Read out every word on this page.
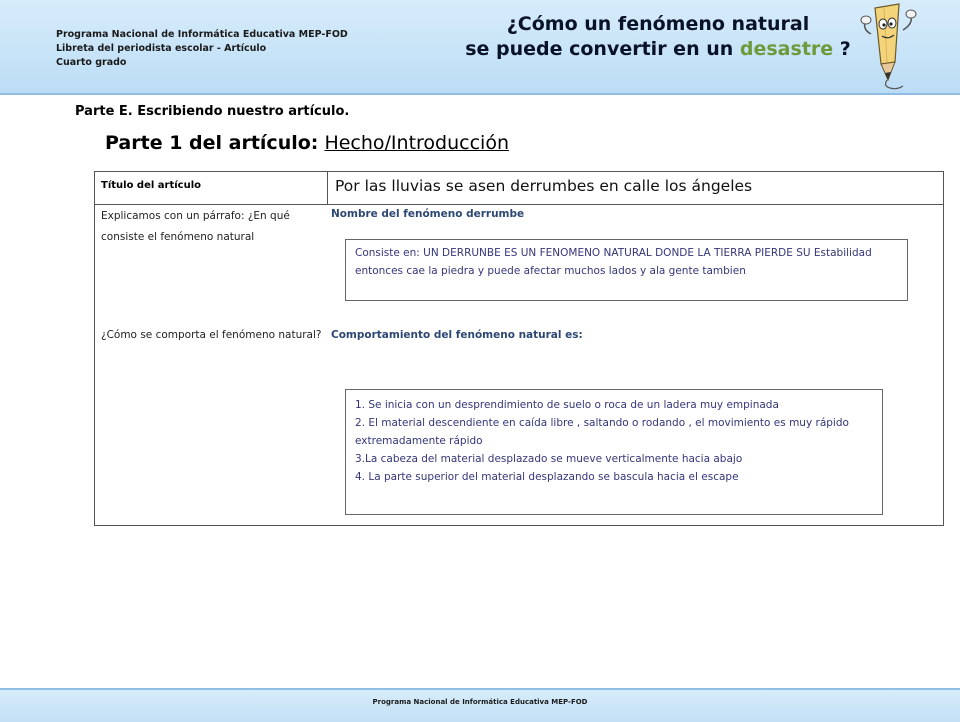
Programa Nacional de Informática Educativa MEP-FOD
Libreta del periodista escolar - Artículo
Cuarto grado
¿Cómo un fenómeno natural
se puede convertir en un desastre ?
Parte E. Escribiendo nuestro artículo.
Parte 1 del artículo: Hecho/Introducción
Título del artículo	Por las lluvias se asen derrumbes en calle los ángeles
Explicamos con un párrafo: ¿En qué consiste el fenómeno natural
Nombre del fenómeno derrumbe
Consiste en: UN DERRUNBE ES UN FENOMENO NATURAL DONDE LA TIERRA PIERDE SU Estabilidad entonces cae la piedra y puede afectar muchos lados y ala gente tambien
¿Cómo se comporta el fenómeno natural? Comportamiento del fenómeno natural es:

1. Se inicia con un desprendimiento de suelo o roca de un ladera muy empinada

2. El material descendiente en caída libre , saltando o rodando , el movimiento es muy rápido extremadamente rápido

3.La cabeza del material desplazado se mueve verticalmente hacia abajo

4. La parte superior del material desplazando se bascula hacia el escape

Programa Nacional de Informática Educativa MEP-FOD
